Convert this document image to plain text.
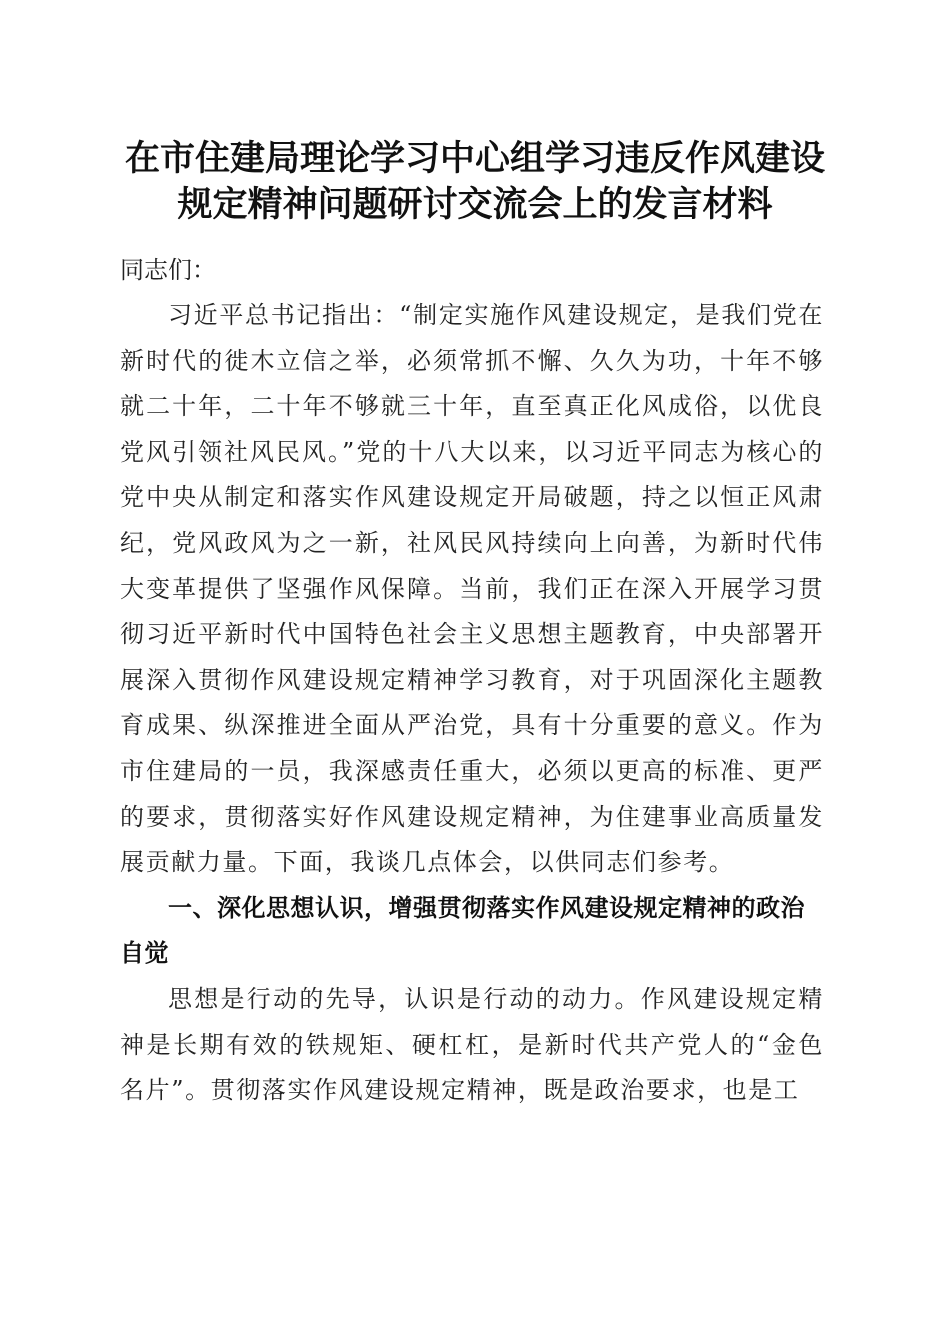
在市住建局理论学习中心组学习违反作风建设
规定精神问题研讨交流会上的发言材料

同志们：

习近平总书记指出：“制定实施作风建设规定，是我们党在新时代的徙木立信之举，必须常抓不懈、久久为功，十年不够就二十年，二十年不够就三十年，直至真正化风成俗，以优良党风引领社风民风。”党的十八大以来，以习近平同志为核心的党中央从制定和落实作风建设规定开局破题，持之以恒正风肃纪，党风政风为之一新，社风民风持续向上向善，为新时代伟大变革提供了坚强作风保障。当前，我们正在深入开展学习贯彻习近平新时代中国特色社会主义思想主题教育，中央部署开展深入贯彻作风建设规定精神学习教育，对于巩固深化主题教育成果、纵深推进全面从严治党，具有十分重要的意义。作为市住建局的一员，我深感责任重大，必须以更高的标准、更严的要求，贯彻落实好作风建设规定精神，为住建事业高质量发展贡献力量。下面，我谈几点体会，以供同志们参考。

一、深化思想认识，增强贯彻落实作风建设规定精神的政治自觉

思想是行动的先导，认识是行动的动力。作风建设规定精神是长期有效的铁规矩、硬杠杠，是新时代共产党人的“金色名片”。贯彻落实作风建设规定精神，既是政治要求，也是工
